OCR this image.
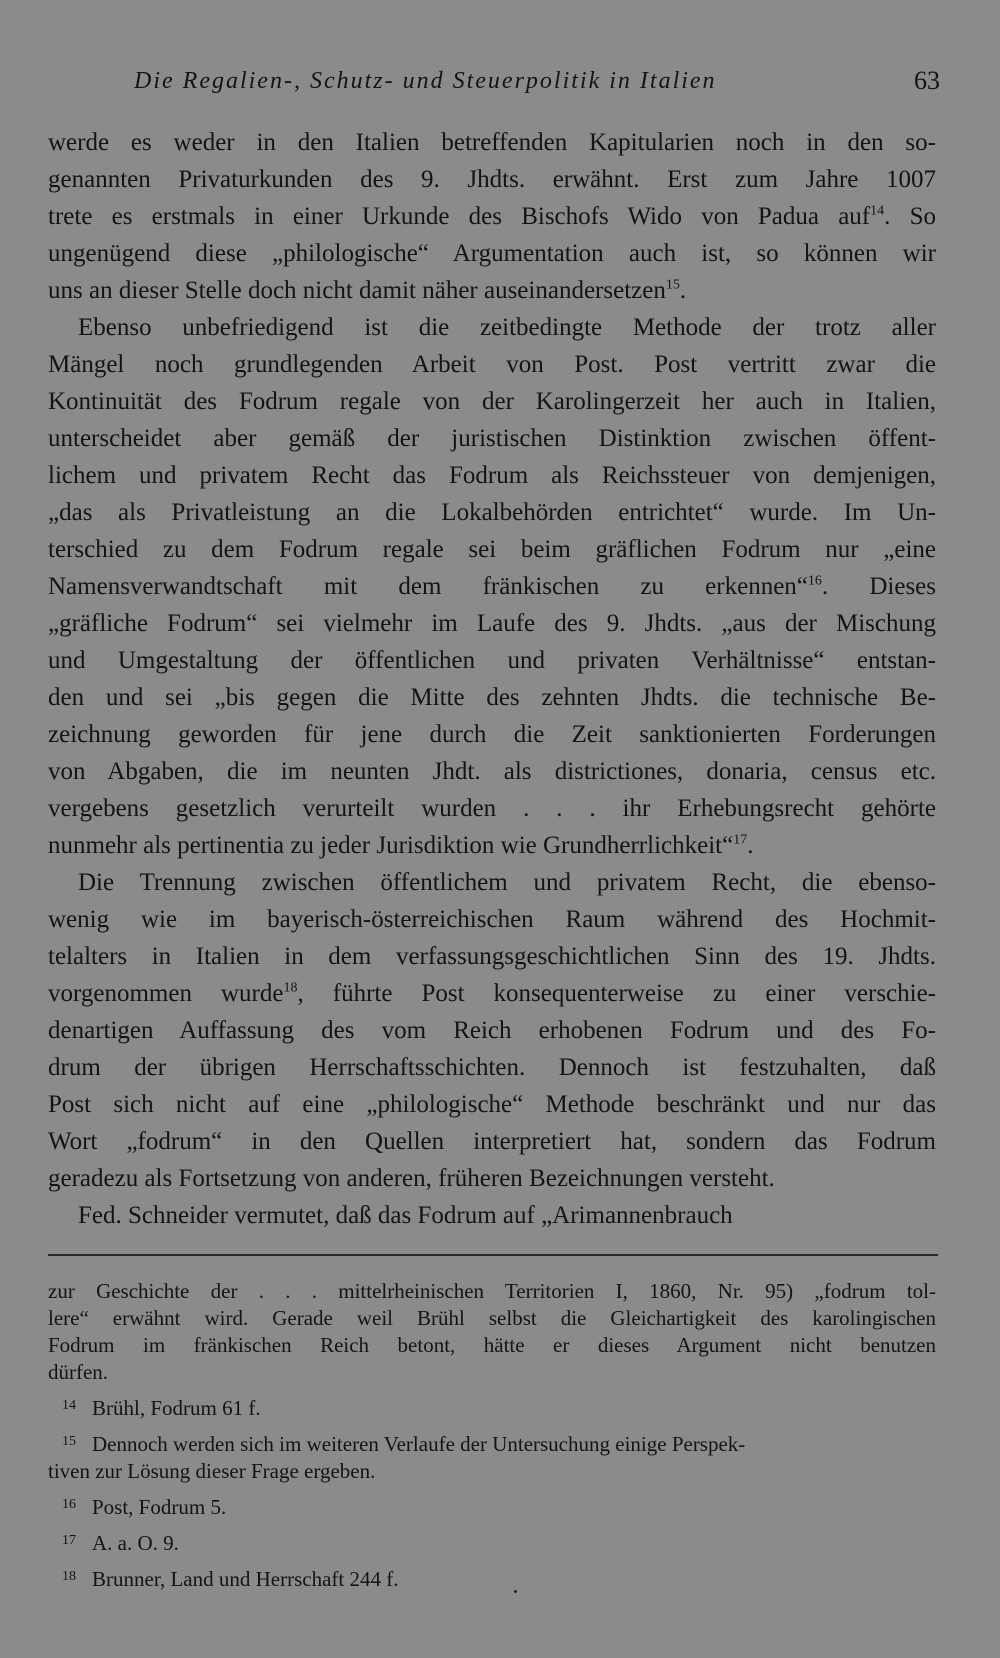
Die Regalien-, Schutz- und Steuerpolitik in Italien	63
werde es weder in den Italien betreffenden Kapitularien noch in den so-
genannten Privaturkunden des 9. Jhdts. erwähnt. Erst zum Jahre 1007
trete es erstmals in einer Urkunde des Bischofs Wido von Padua auf$^{14}$. So
ungenügend diese „philologische“ Argumentation auch ist, so können wir
uns an dieser Stelle doch nicht damit näher auseinandersetzen$^{15}$.
Ebenso unbefriedigend ist die zeitbedingte Methode der trotz aller
Mängel noch grundlegenden Arbeit von Post. Post vertritt zwar die
Kontinuität des Fodrum regale von der Karolingerzeit her auch in Italien,
unterscheidet aber gemäß der juristischen Distinktion zwischen öffent-
lichem und privatem Recht das Fodrum als Reichssteuer von demjenigen,
„das als Privatleistung an die Lokalbehörden entrichtet“ wurde. Im Un-
terschied zu dem Fodrum regale sei beim gräflichen Fodrum nur „eine
Namensverwandtschaft mit dem fränkischen zu erkennen“$^{16}$. Dieses
„gräfliche Fodrum“ sei vielmehr im Laufe des 9. Jhdts. „aus der Mischung
und Umgestaltung der öffentlichen und privaten Verhältnisse“ entstan-
den und sei „bis gegen die Mitte des zehnten Jhdts. die technische Be-
zeichnung geworden für jene durch die Zeit sanktionierten Forderungen
von Abgaben, die im neunten Jhdt. als districtiones, donaria, census etc.
vergebens gesetzlich verurteilt wurden . . . ihr Erhebungsrecht gehörte
nunmehr als pertinentia zu jeder Jurisdiktion wie Grundherrlichkeit“$^{17}$.
Die Trennung zwischen öffentlichem und privatem Recht, die ebenso-
wenig wie im bayerisch-österreichischen Raum während des Hochmit-
telalters in Italien in dem verfassungsgeschichtlichen Sinn des 19. Jhdts.
vorgenommen wurde$^{18}$, führte Post konsequenterweise zu einer verschie-
denartigen Auffassung des vom Reich erhobenen Fodrum und des Fo-
drum der übrigen Herrschaftsschichten. Dennoch ist festzuhalten, daß
Post sich nicht auf eine „philologische“ Methode beschränkt und nur das
Wort „fodrum“ in den Quellen interpretiert hat, sondern das Fodrum
geradezu als Fortsetzung von anderen, früheren Bezeichnungen versteht.
Fed. Schneider vermutet, daß das Fodrum auf „Arimannenbrauch
zur Geschichte der . . . mittelrheinischen Territorien I, 1860, Nr. 95) „fodrum tol-
lere“ erwähnt wird. Gerade weil Brühl selbst die Gleichartigkeit des karolingischen
Fodrum im fränkischen Reich betont, hätte er dieses Argument nicht benutzen
dürfen.
14 Brühl, Fodrum 61 f.
15 Dennoch werden sich im weiteren Verlaufe der Untersuchung einige Perspek-
tiven zur Lösung dieser Frage ergeben.
16 Post, Fodrum 5.
17 A. a. O. 9.
18 Brunner, Land und Herrschaft 244 f.
